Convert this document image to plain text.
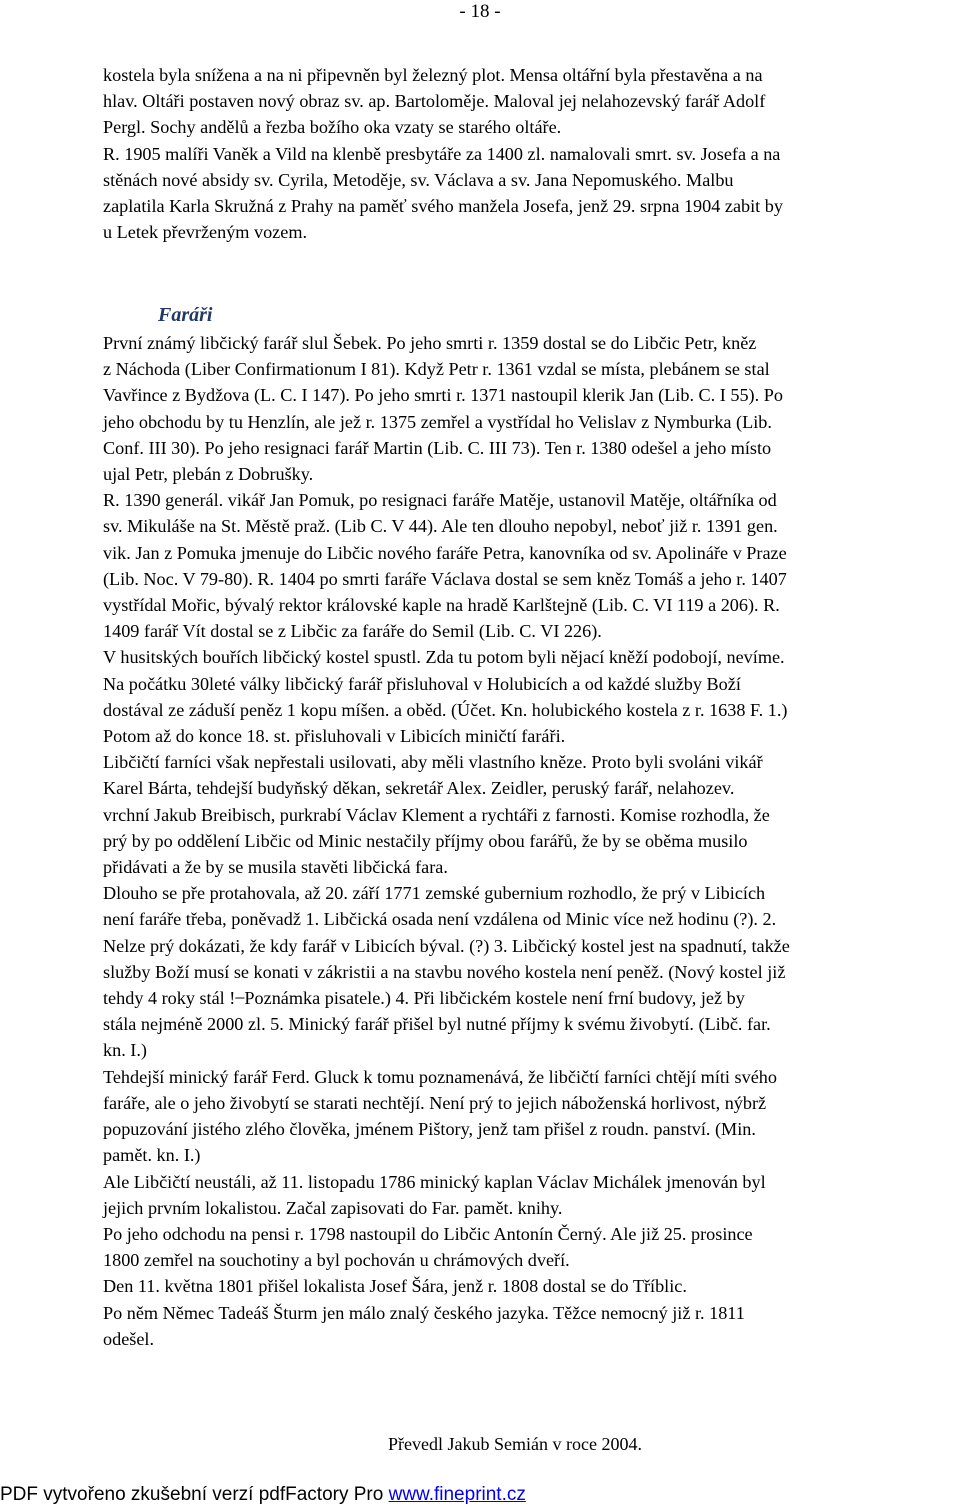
- 18 -
kostela byla snížena a na ni připevněn byl železný plot. Mensa oltářní byla přestavěna a na
hlav. Oltáři postaven nový obraz sv. ap. Bartoloměje. Maloval jej nelahozevský farář Adolf
Pergl. Sochy andělů a řezba božího oka vzaty se starého oltáře.
R. 1905 malíři Vaněk a Vild na klenbě presbytáře za 1400 zl. namalovali smrt. sv. Josefa a na
stěnách nové absidy sv. Cyrila, Metoděje, sv. Václava a sv. Jana Nepomuského. Malbu
zaplatila Karla Skružná z Prahy na paměť svého manžela Josefa, jenž 29. srpna 1904 zabit by
u Letek převrženým vozem.
Faráři
První známý libčický farář slul Šebek. Po jeho smrti r. 1359 dostal se do Libčic Petr, kněz
z Náchoda (Liber Confirmationum I 81). Když Petr r. 1361 vzdal se místa, plebánem se stal
Vavřince z Bydžova (L. C. I 147). Po jeho smrti r. 1371 nastoupil klerik Jan (Lib. C. I 55). Po
jeho obchodu by tu Henzlín, ale jež r. 1375 zemřel a vystřídal ho Velislav z Nymburka (Lib.
Conf. III 30). Po jeho resignaci farář Martin (Lib. C. III 73). Ten r. 1380 odešel a jeho místo
ujal Petr, plebán z Dobrušky.
R. 1390 generál. vikář Jan Pomuk, po resignaci faráře Matěje, ustanovil Matěje, oltářníka od
sv. Mikuláše na St. Městě praž. (Lib C. V 44). Ale ten dlouho nepobyl, neboť již r. 1391 gen.
vik. Jan z Pomuka jmenuje do Libčic nového faráře Petra, kanovníka od sv. Apolináře v Praze
(Lib. Noc. V 79-80). R. 1404 po smrti faráře Václava dostal se sem kněz Tomáš a jeho r. 1407
vystřídal Mořic, bývalý rektor královské kaple na hradě Karlštejně (Lib. C. VI 119 a 206). R.
1409 farář Vít dostal se z Libčic za faráře do Semil (Lib. C. VI 226).
V husitských bouřích libčický kostel spustl. Zda tu potom byli nějací kněží podobojí, nevíme.
Na počátku 30leté války libčický farář přisluhoval v Holubicích a od každé služby Boží
dostával ze záduší peněz 1 kopu míšen. a oběd. (Účet. Kn. holubického kostela z r. 1638 F. 1.)
Potom až do konce 18. st. přisluhovali v Libicích miničtí faráři.
Libčičtí farníci však nepřestali usilovati, aby měli vlastního kněze. Proto byli svoláni vikář
Karel Bárta, tehdejší budyňský děkan, sekretář Alex. Zeidler, peruský farář, nelahozev.
vrchní Jakub Breibisch, purkrabí Václav Klement a rychtáři z farnosti. Komise rozhodla, že
prý by po oddělení Libčic od Minic nestačily příjmy obou farářů, že by se oběma musilo
přidávati a že by se musila stavěti libčická fara.
Dlouho se pře protahovala, až 20. září 1771 zemské gubernium rozhodlo, že prý v Libicích
není faráře třeba, poněvadž 1. Libčická osada není vzdálena od Minic více než hodinu (?). 2.
Nelze prý dokázati, že kdy farář v Libicích býval. (?) 3. Libčický kostel jest na spadnutí, takže
služby Boží musí se konati v zákristii a na stavbu nového kostela není peněž. (Nový kostel již
tehdy 4 roky stál ! ̶ Poznámka pisatele.) 4. Při libčickém kostele není frní budovy, jež by
stála nejméně 2000 zl. 5. Minický farář přišel byl nutné příjmy k svému živobytí. (Libč. far.
kn. I.)
Tehdejší minický farář Ferd. Gluck k tomu poznamenává, že libčičtí farníci chtějí míti svého
faráře, ale o jeho živobytí se starati nechtějí. Není prý to jejich náboženská horlivost, nýbrž
popuzování jistého zlého člověka, jménem Pištory, jenž tam přišel z roudn. panství. (Min.
pamět. kn. I.)
Ale Libčičtí neustáli, až 11. listopadu 1786 minický kaplan Václav Michálek jmenován byl
jejich prvním lokalistou. Začal zapisovati do Far. pamět. knihy.
Po jeho odchodu na pensi r. 1798 nastoupil do Libčic Antonín Černý. Ale již 25. prosince
1800 zemřel na souchotiny a byl pochován u chrámových dveří.
Den 11. května 1801 přišel lokalista Josef Šára, jenž r. 1808 dostal se do Tříblic.
Po něm Němec Tadeáš Šturm jen málo znalý českého jazyka. Těžce nemocný již r. 1811
odešel.
Převedl Jakub Semián v roce 2004.
PDF vytvořeno zkušební verzí pdfFactory Pro www.fineprint.cz
